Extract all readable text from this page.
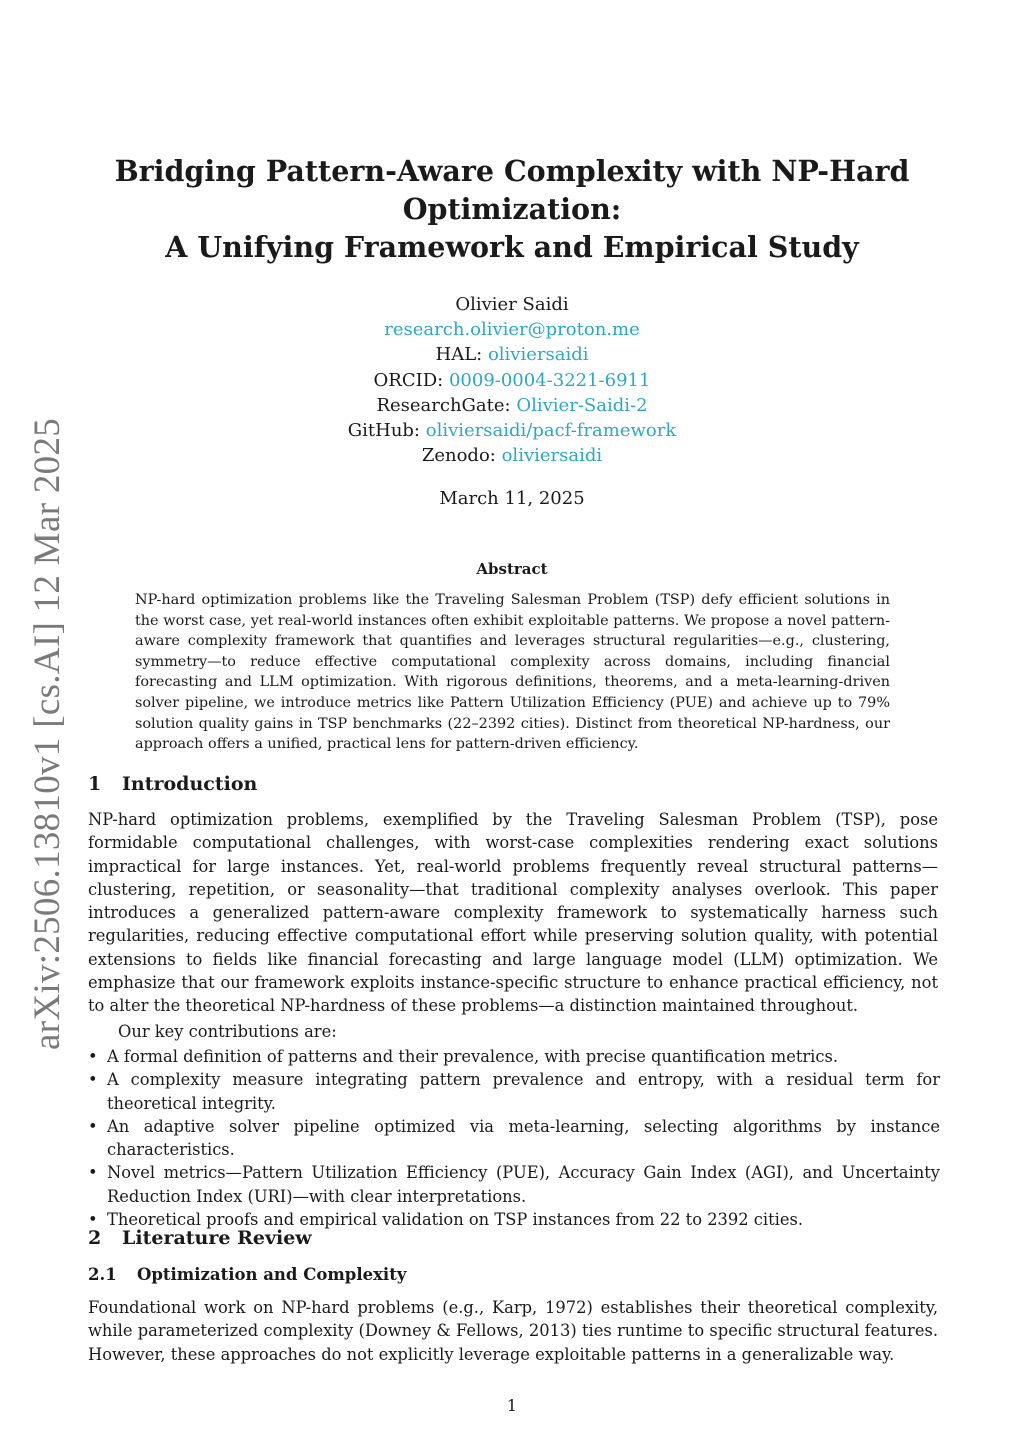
arXiv:2506.13810v1 [cs.AI] 12 Mar 2025
Bridging Pattern-Aware Complexity with NP-Hard
Optimization:
A Unifying Framework and Empirical Study
Olivier Saidi
research.olivier@proton.me
HAL: oliviersaidi
ORCID: 0009-0004-3221-6911
ResearchGate: Olivier-Saidi-2
GitHub: oliviersaidi/pacf-framework
Zenodo: oliviersaidi
March 11, 2025
Abstract
NP-hard optimization problems like the Traveling Salesman Problem (TSP) defy efficient solutions in the worst case, yet real-world instances often exhibit exploitable patterns. We propose a novel pattern-aware complexity framework that quantifies and leverages structural regularities—e.g., clustering, symmetry—to reduce effective computational complexity across domains, including financial forecasting and LLM optimization. With rigorous definitions, theorems, and a meta-learning-driven solver pipeline, we introduce metrics like Pattern Utilization Efficiency (PUE) and achieve up to 79% solution quality gains in TSP benchmarks (22–2392 cities). Distinct from theoretical NP-hardness, our approach offers a unified, practical lens for pattern-driven efficiency.
1 Introduction
NP-hard optimization problems, exemplified by the Traveling Salesman Problem (TSP), pose formidable computational challenges, with worst-case complexities rendering exact solutions impractical for large instances. Yet, real-world problems frequently reveal structural patterns—clustering, repetition, or seasonality—that traditional complexity analyses overlook. This paper introduces a generalized pattern-aware complexity framework to systematically harness such regularities, reducing effective computational effort while preserving solution quality, with potential extensions to fields like financial forecasting and large language model (LLM) optimization. We emphasize that our framework exploits instance-specific structure to enhance practical efficiency, not to alter the theoretical NP-hardness of these problems—a distinction maintained throughout.
Our key contributions are:
• A formal definition of patterns and their prevalence, with precise quantification metrics.
• A complexity measure integrating pattern prevalence and entropy, with a residual term for theoretical integrity.
• An adaptive solver pipeline optimized via meta-learning, selecting algorithms by instance characteristics.
• Novel metrics—Pattern Utilization Efficiency (PUE), Accuracy Gain Index (AGI), and Uncertainty Reduction Index (URI)—with clear interpretations.
• Theoretical proofs and empirical validation on TSP instances from 22 to 2392 cities.
2 Literature Review
2.1 Optimization and Complexity
Foundational work on NP-hard problems (e.g., Karp, 1972) establishes their theoretical complexity, while parameterized complexity (Downey & Fellows, 2013) ties runtime to specific structural features. However, these approaches do not explicitly leverage exploitable patterns in a generalizable way.
1
